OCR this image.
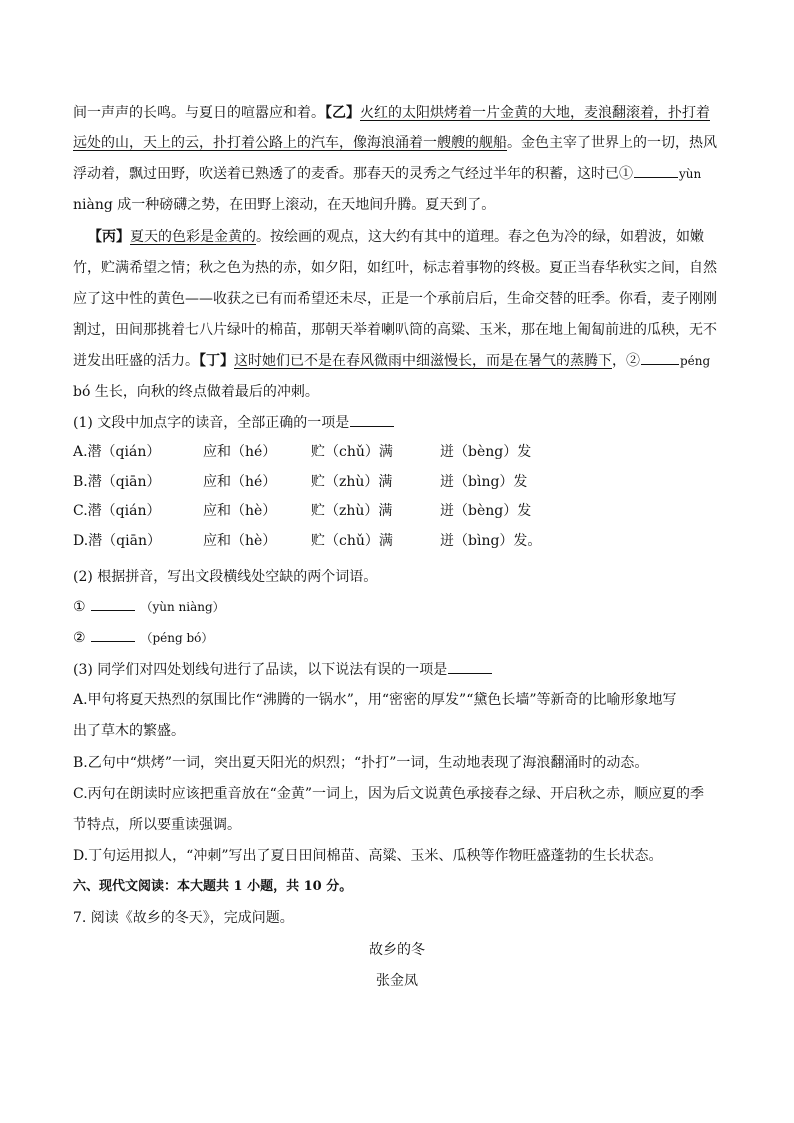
间一声声的长鸣。与夏日的喧嚣应和着。【乙】火红的太阳烘烤着一片金黄的大地，麦浪翻滚着，扑打着
远处的山，天上的云，扑打着公路上的汽车，像海浪涌着一艘艘的舰船。金色主宰了世界上的一切，热风
浮动着，飘过田野，吹送着已熟透了的麦香。那春天的灵秀之气经过半年的积蓄，这时已①	yùn
niàng 成一种磅礴之势，在田野上滚动，在天地间升腾。夏天到了。
【丙】夏天的色彩是金黄的。按绘画的观点，这大约有其中的道理。春之色为冷的绿，如碧波，如嫩
竹，贮满希望之情；秋之色为热的赤，如夕阳，如红叶，标志着事物的终极。夏正当春华秋实之间，自然
应了这中性的黄色——收获之已有而希望还未尽，正是一个承前启后，生命交替的旺季。你看，麦子刚刚
割过，田间那挑着七八片绿叶的棉苗，那朝天举着喇叭筒的高粱、玉米，那在地上匍匐前进的瓜秧，无不
迸发出旺盛的活力。【丁】这时她们已不是在春风微雨中细滋慢长，而是在暑气的蒸腾下，②	péng
bó 生长，向秋的终点做着最后的冲刺。
(1) 文段中加点字的读音，全部正确的一项是
A.潜（qián）	应和（hé） 贮（chǔ）满	迸（bèng）发
B.潜（qiān）	应和（hé） 贮（zhù）满	迸（bìng）发
C.潜（qián）	应和（hè） 贮（zhù）满	迸（bèng）发
D.潜（qiān）	应和（hè） 贮（chǔ）满	迸（bìng）发。
(2) 根据拼音，写出文段横线处空缺的两个词语。
①	（yùn niàng）
②	（péng bó）
(3) 同学们对四处划线句进行了品读，以下说法有误的一项是
A.甲句将夏天热烈的氛围比作“沸腾的一锅水”，用“密密的厚发”“黛色长墙”等新奇的比喻形象地写
出了草木的繁盛。
B.乙句中“烘烤”一词，突出夏天阳光的炽烈；“扑打”一词，生动地表现了海浪翻涌时的动态。
C.丙句在朗读时应该把重音放在“金黄”一词上，因为后文说黄色承接春之绿、开启秋之赤，顺应夏的季
节特点，所以要重读强调。
D.丁句运用拟人，“冲刺”写出了夏日田间棉苗、高粱、玉米、瓜秧等作物旺盛蓬勃的生长状态。
六、现代文阅读：本大题共 1 小题，共 10 分。
7. 阅读《故乡的冬天》，完成问题。
故乡的冬
张金凤
